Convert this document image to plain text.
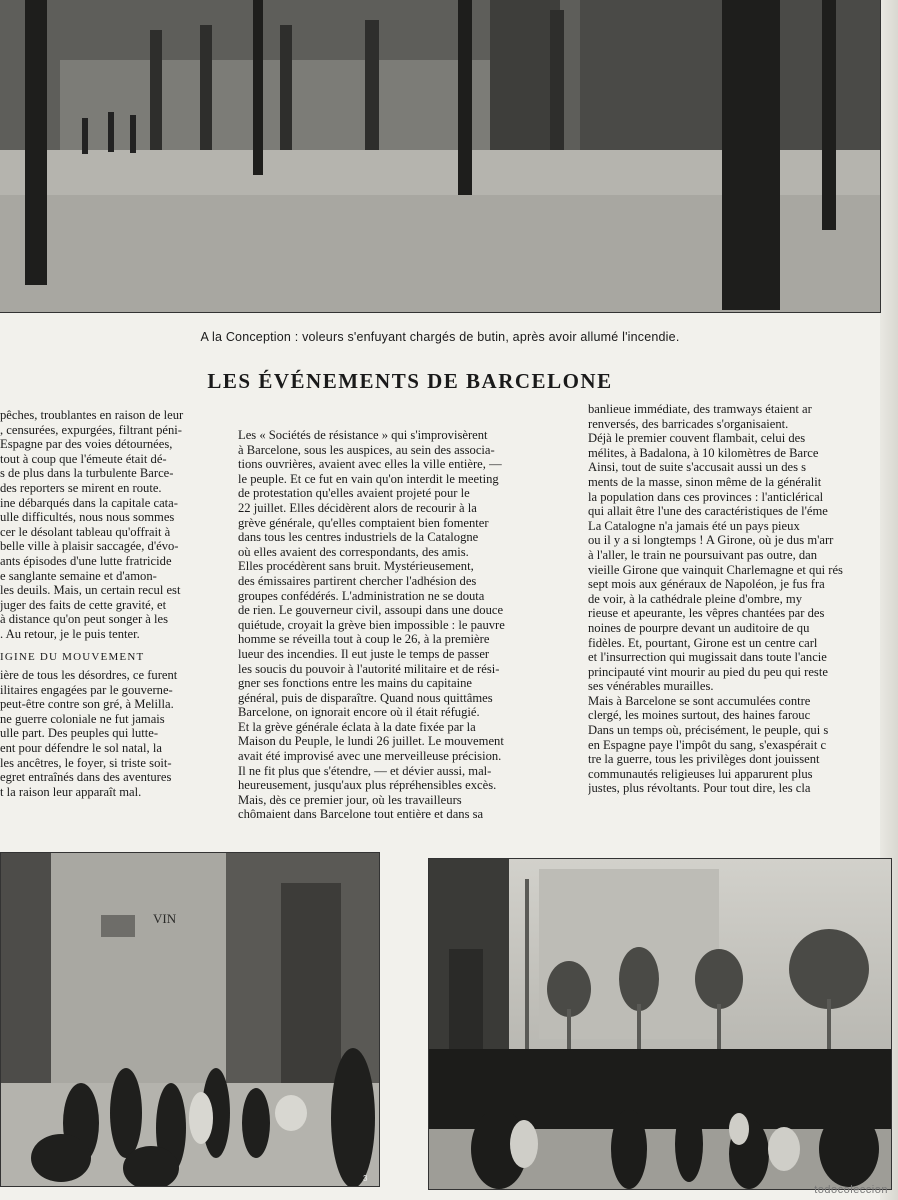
A la Conception : voleurs s'enfuyant chargés de butin, après avoir allumé l'incendie.
LES ÉVÉNEMENTS DE BARCELONE
pêches, troublantes en raison de leur
, censurées, expurgées, filtrant péni-
Espagne par des voies détournées,
tout à coup que l'émeute était dé-
s de plus dans la turbulente Barce-
des reporters se mirent en route.
ine débarqués dans la capitale cata-
ulle difficultés, nous nous sommes
cer le désolant tableau qu'offrait à
belle ville à plaisir saccagée, d'évo-
ants épisodes d'une lutte fratricide
e sanglante semaine et d'amon-
les deuils. Mais, un certain recul est
juger des faits de cette gravité, et
à distance qu'on peut songer à les
. Au retour, je le puis tenter.
IGINE DU MOUVEMENT
ière de tous les désordres, ce furent
ilitaires engagées par le gouverne-
peut-être contre son gré, à Melilla.
ne guerre coloniale ne fut jamais
ulle part. Des peuples qui lutte-
ent pour défendre le sol natal, la
les ancêtres, le foyer, si triste soit-
egret entraînés dans des aventures
t la raison leur apparaît mal.
Les « Sociétés de résistance » qui s'improvisèrent
à Barcelone, sous les auspices, au sein des associa-
tions ouvrières, avaient avec elles la ville entière, —
le peuple. Et ce fut en vain qu'on interdit le meeting
de protestation qu'elles avaient projeté pour le
22 juillet. Elles décidèrent alors de recourir à la
grève générale, qu'elles comptaient bien fomenter
dans tous les centres industriels de la Catalogne
où elles avaient des correspondants, des amis.
Elles procédèrent sans bruit. Mystérieusement,
des émissaires partirent chercher l'adhésion des
groupes confédérés. L'administration ne se douta
de rien. Le gouverneur civil, assoupi dans une douce
quiétude, croyait la grève bien impossible : le pauvre
homme se réveilla tout à coup le 26, à la première
lueur des incendies. Il eut juste le temps de passer
les soucis du pouvoir à l'autorité militaire et de rési-
gner ses fonctions entre les mains du capitaine
général, puis de disparaître. Quand nous quittâmes
Barcelone, on ignorait encore où il était réfugié.
Et la grève générale éclata à la date fixée par la
Maison du Peuple, le lundi 26 juillet. Le mouvement
avait été improvisé avec une merveilleuse précision.
Il ne fit plus que s'étendre, — et dévier aussi, mal-
heureusement, jusqu'aux plus répréhensibles excès.
Mais, dès ce premier jour, où les travailleurs
chômaient dans Barcelone tout entière et dans sa
banlieue immédiate, des tramways étaient ar
renversés, des barricades s'organisaient.
Déjà le premier couvent flambait, celui des
mélites, à Badalona, à 10 kilomètres de Barce
Ainsi, tout de suite s'accusait aussi un des s
ments de la masse, sinon même de la généralit
la population dans ces provinces : l'anticlérical
qui allait être l'une des caractéristiques de l'éme
La Catalogne n'a jamais été un pays pieux
ou il y a si longtemps ! A Girone, où je dus m'arr
à l'aller, le train ne poursuivant pas outre, dan
vieille Girone que vainquit Charlemagne et qui rés
sept mois aux généraux de Napoléon, je fus fra
de voir, à la cathédrale pleine d'ombre, my
rieuse et apeurante, les vêpres chantées par des
noines de pourpre devant un auditoire de qu
fidèles. Et, pourtant, Girone est un centre carl
et l'insurrection qui mugissait dans toute l'ancie
principauté vint mourir au pied du peu qui reste
ses vénérables murailles.
Mais à Barcelone se sont accumulées contre
clergé, les moines surtout, des haines farouc
Dans un temps où, précisément, le peuple, qui s
en Espagne paye l'impôt du sang, s'exaspérait c
tre la guerre, tous les privilèges dont jouissent
communautés religieuses lui apparurent plus
justes, plus révoltants. Pour tout dire, les cla
VIN
3
todocoleccion
